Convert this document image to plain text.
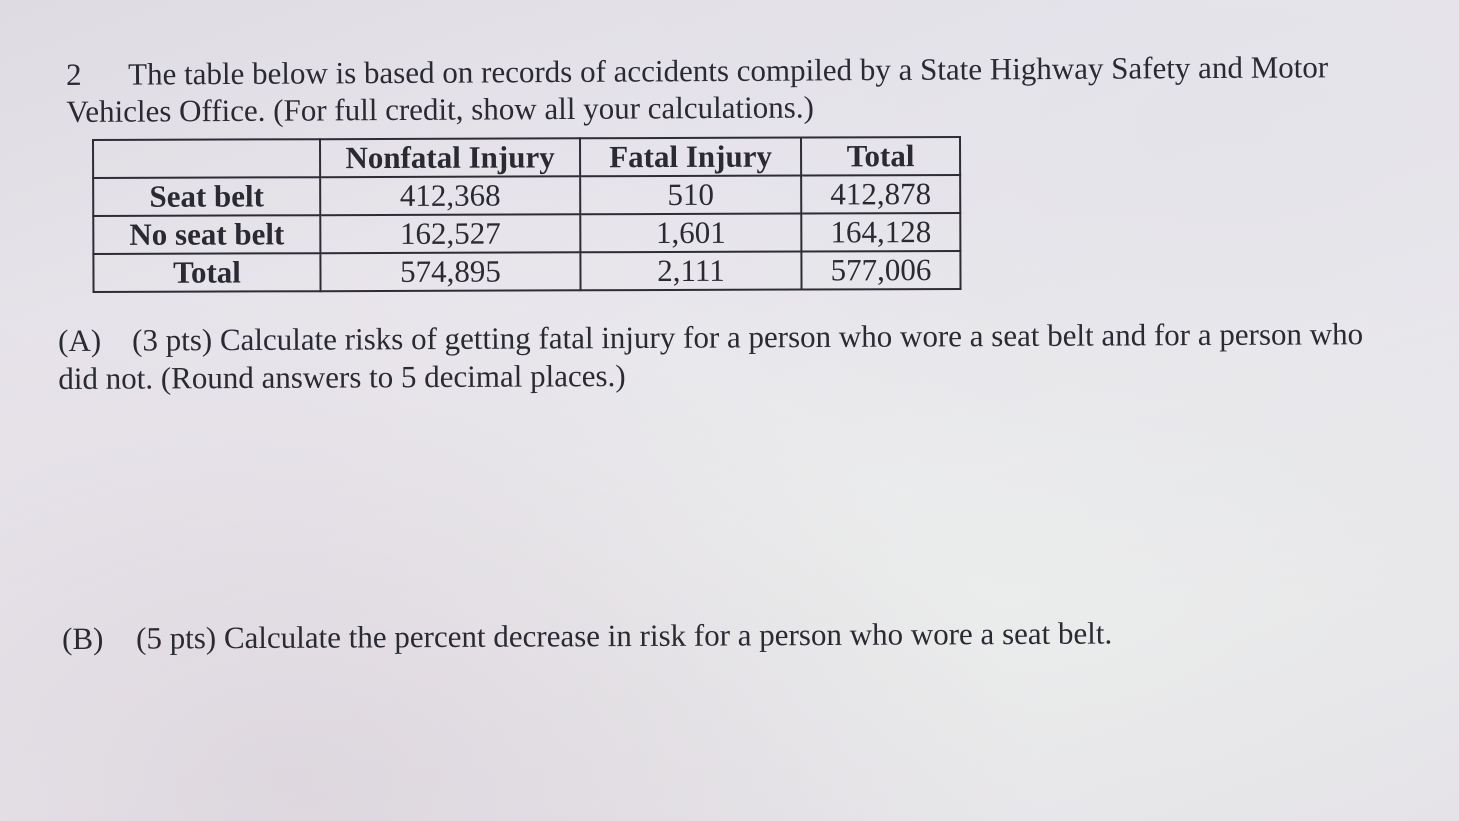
2 The table below is based on records of accidents compiled by a State Highway Safety and Motor
Vehicles Office. (For full credit, show all your calculations.)
	Nonfatal Injury	Fatal Injury	Total
Seat belt	412,368	510	412,878
No seat belt	162,527	1,601	164,128
Total	574,895	2,111	577,006
(A) (3 pts) Calculate risks of getting fatal injury for a person who wore a seat belt and for a person who
did not. (Round answers to 5 decimal places.)
(B) (5 pts) Calculate the percent decrease in risk for a person who wore a seat belt.
